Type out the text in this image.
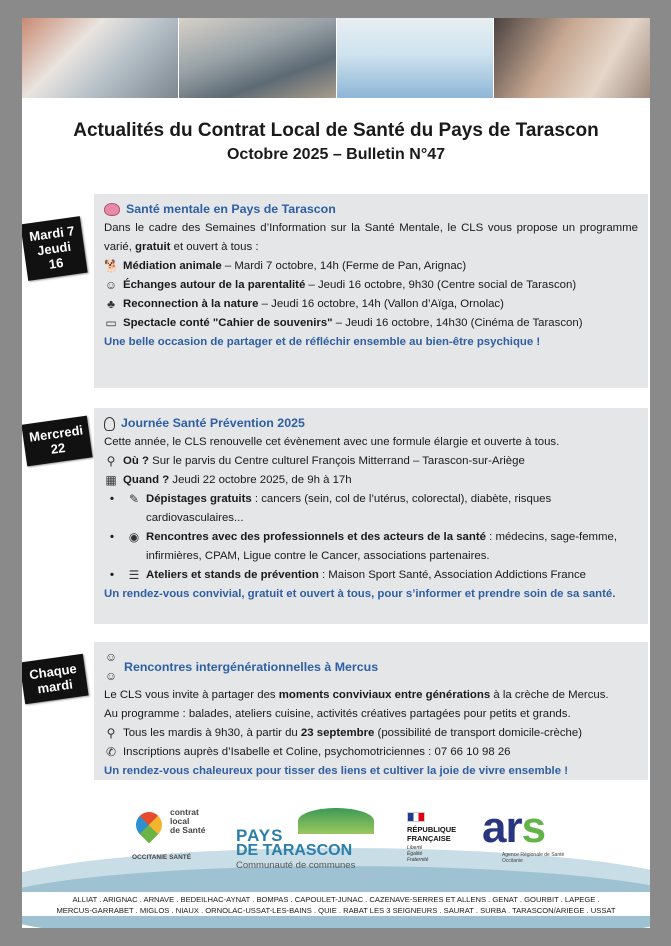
Actualités du Contrat Local de Santé du Pays de Tarascon
Octobre 2025 – Bulletin N°47
Mardi 7
Jeudi 16
Santé mentale en Pays de Tarascon
Dans le cadre des Semaines d’Information sur la Santé Mentale, le CLS vous propose un programme varié, gratuit et ouvert à tous :
🐕 Médiation animale – Mardi 7 octobre, 14h (Ferme de Pan, Arignac)
☺ Échanges autour de la parentalité – Jeudi 16 octobre, 9h30 (Centre social de Tarascon)
♣ Reconnection à la nature – Jeudi 16 octobre, 14h (Vallon d’Aïga, Ornolac)
▭ Spectacle conté "Cahier de souvenirs" – Jeudi 16 octobre, 14h30 (Cinéma de Tarascon)
Une belle occasion de partager et de réfléchir ensemble au bien-être psychique !
Mercredi
22
Journée Santé Prévention 2025
Cette année, le CLS renouvelle cet évènement avec une formule élargie et ouverte à tous.
⚲ Où ? Sur le parvis du Centre culturel François Mitterrand – Tarascon-sur-Ariège
▦ Quand ? Jeudi 22 octobre 2025, de 9h à 17h
•	✎ Dépistages gratuits : cancers (sein, col de l’utérus, colorectal), diabète, risques cardiovasculaires...
•	◉ Rencontres avec des professionnels et des acteurs de la santé : médecins, sage-femme, infirmières, CPAM, Ligue contre le Cancer, associations partenaires.
•	☰ Ateliers et stands de prévention : Maison Sport Santé, Association Addictions France
Un rendez-vous convivial, gratuit et ouvert à tous, pour s’informer et prendre soin de sa santé.
Chaque
mardi
☺☺
Rencontres intergénérationnelles à Mercus
Le CLS vous invite à partager des moments conviviaux entre générations à la crèche de Mercus.
Au programme : balades, ateliers cuisine, activités créatives partagées pour petits et grands.
⚲ Tous les mardis à 9h30, à partir du 23 septembre (possibilité de transport domicile-crèche)
✆ Inscriptions auprès d’Isabelle et Coline, psychomotriciennes : 07 66 10 98 26
Un rendez-vous chaleureux pour tisser des liens et cultiver la joie de vivre ensemble !
contrat
local
de Santé
OCCITANIE SANTÉ
PAYS
DE TARASCON
Communauté de communes
RÉPUBLIQUE
FRANÇAISE
Liberté
Égalité
Fraternité
ars
Agence Régionale de Santé
Occitanie
ALLIAT . ARIGNAC . ARNAVE . BEDEILHAC-AYNAT . BOMPAS . CAPOULET-JUNAC . CAZENAVE-SERRES ET ALLENS . GENAT . GOURBIT . LAPEGE .
MERCUS-GARRABET . MIGLOS . NIAUX . ORNOLAC-USSAT-LES-BAINS . QUIE . RABAT LES 3 SEIGNEURS . SAURAT . SURBA . TARASCON/ARIEGE . USSAT
